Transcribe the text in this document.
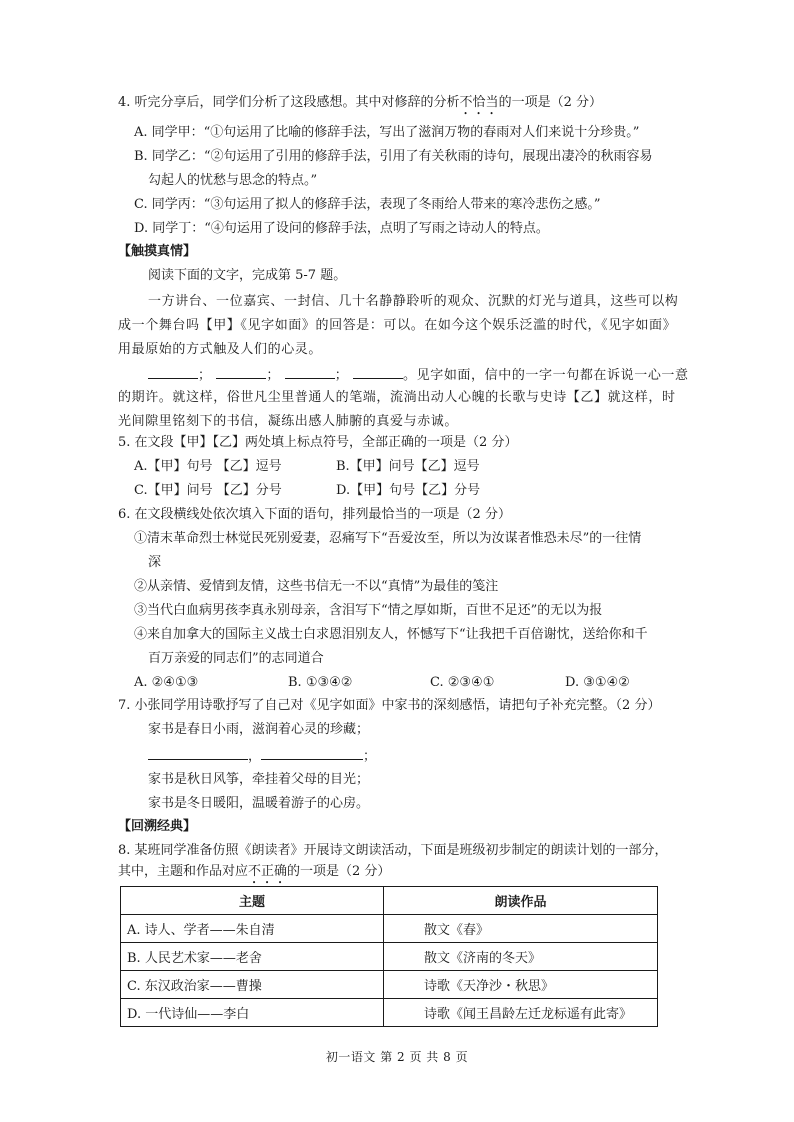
4. 听完分享后，同学们分析了这段感想。其中对修辞的分析不恰当的一项是（2 分）
A. 同学甲：“①句运用了比喻的修辞手法，写出了滋润万物的春雨对人们来说十分珍贵。”
B. 同学乙：“②句运用了引用的修辞手法，引用了有关秋雨的诗句，展现出凄冷的秋雨容易
勾起人的忧愁与思念的特点。”
C. 同学丙：“③句运用了拟人的修辞手法，表现了冬雨给人带来的寒冷悲伤之感。”
D. 同学丁：“④句运用了设问的修辞手法，点明了写雨之诗动人的特点。
【触摸真情】
阅读下面的文字，完成第 5-7 题。
一方讲台、一位嘉宾、一封信、几十名静静聆听的观众、沉默的灯光与道具，这些可以构
成一个舞台吗【甲】《见字如面》的回答是：可以。在如今这个娱乐泛滥的时代，《见字如面》
用最原始的方式触及人们的心灵。
；	；	；	。见字如面，信中的一字一句都在诉说一心一意
的期许。就这样，俗世凡尘里普通人的笔端，流淌出动人心魄的长歌与史诗【乙】就这样，时
光间隙里铭刻下的书信，凝练出感人肺腑的真爱与赤诚。
5. 在文段【甲】【乙】两处填上标点符号，全部正确的一项是（2 分）
A.【甲】句号 【乙】逗号	B.【甲】问号【乙】逗号
C.【甲】问号 【乙】分号	D.【甲】句号【乙】分号
6. 在文段横线处依次填入下面的语句，排列最恰当的一项是（2 分）
①清末革命烈士林觉民死别爱妻，忍痛写下“吾爱汝至，所以为汝谋者惟恐未尽”的一往情
深
②从亲情、爱情到友情，这些书信无一不以“真情”为最佳的笺注
③当代白血病男孩李真永别母亲，含泪写下“情之厚如斯，百世不足还”的无以为报
④来自加拿大的国际主义战士白求恩泪别友人，怀憾写下“让我把千百倍谢忱，送给你和千
百万亲爱的同志们”的志同道合
A. ②④①③	B. ①③④②	C. ②③④①	D. ③①④②
7. 小张同学用诗歌抒写了自己对《见字如面》中家书的深刻感悟，请把句子补充完整。（2 分）
家书是春日小雨，滋润着心灵的珍藏；
，	；
家书是秋日风筝，牵挂着父母的目光；
家书是冬日暖阳，温暖着游子的心房。
【回溯经典】
8. 某班同学准备仿照《朗读者》开展诗文朗读活动，下面是班级初步制定的朗读计划的一部分，
其中，主题和作品对应不正确的一项是（2 分）
主题	朗读作品
A. 诗人、学者——朱自清	散文《春》
B. 人民艺术家——老舍	散文《济南的冬天》
C. 东汉政治家——曹操	诗歌《天净沙・秋思》
D. 一代诗仙——李白	诗歌《闻王昌龄左迁龙标遥有此寄》
初一语文 第 2 页 共 8 页
